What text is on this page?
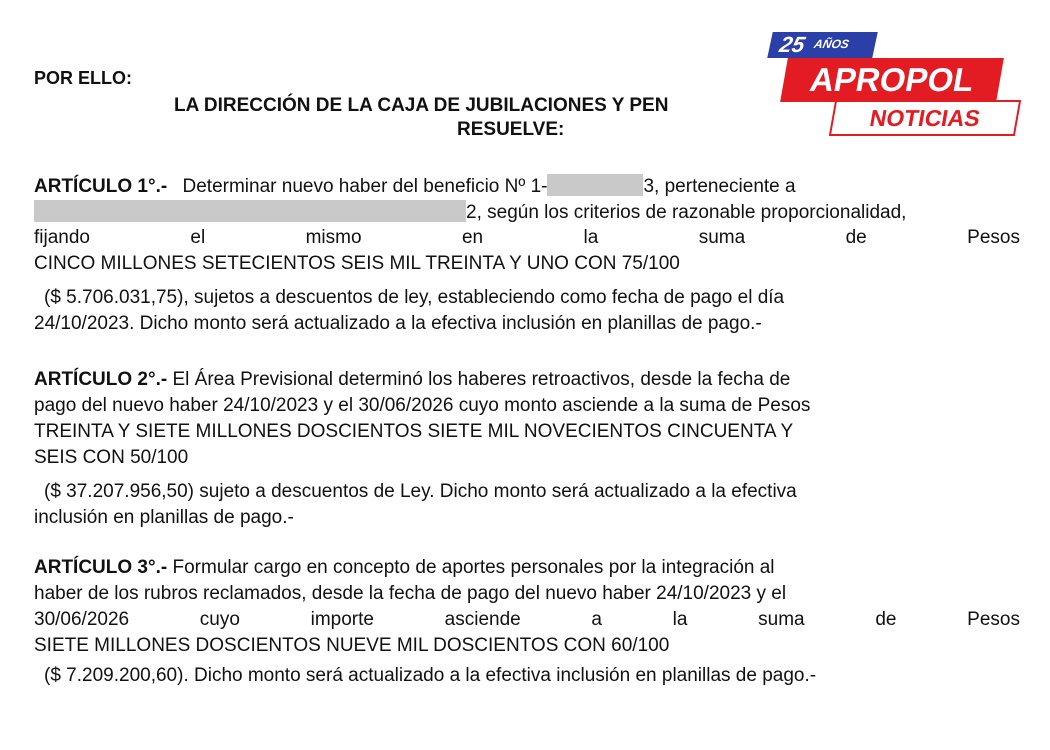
POR ELLO:
LA DIRECCIÓN DE LA CAJA DE JUBILACIONES Y PEN
RESUELVE:
ARTÍCULO 1°.- Determinar nuevo haber del beneficio Nº 1-	3, perteneciente a
2, según los criterios de razonable proporcionalidad,
fijando	el	mismo	en	la	suma	de	Pesos
CINCO MILLONES SETECIENTOS SEIS MIL TREINTA Y UNO CON 75/100
($ 5.706.031,75), sujetos a descuentos de ley, estableciendo como fecha de pago el día
24/10/2023. Dicho monto será actualizado a la efectiva inclusión en planillas de pago.-
ARTÍCULO 2°.- El Área Previsional determinó los haberes retroactivos, desde la fecha de
pago del nuevo haber 24/10/2023 y el 30/06/2026 cuyo monto asciende a la suma de Pesos
TREINTA Y SIETE MILLONES DOSCIENTOS SIETE MIL NOVECIENTOS CINCUENTA Y
SEIS CON 50/100
($ 37.207.956,50) sujeto a descuentos de Ley. Dicho monto será actualizado a la efectiva
inclusión en planillas de pago.-
ARTÍCULO 3°.- Formular cargo en concepto de aportes personales por la integración al
haber de los rubros reclamados, desde la fecha de pago del nuevo haber 24/10/2023 y el
30/06/2026	cuyo	importe	asciende	a	la	suma	de	Pesos
SIETE MILLONES DOSCIENTOS NUEVE MIL DOSCIENTOS CON 60/100
($ 7.209.200,60). Dicho monto será actualizado a la efectiva inclusión en planillas de pago.-
25 AÑOS
APROPOL
NOTICIAS
